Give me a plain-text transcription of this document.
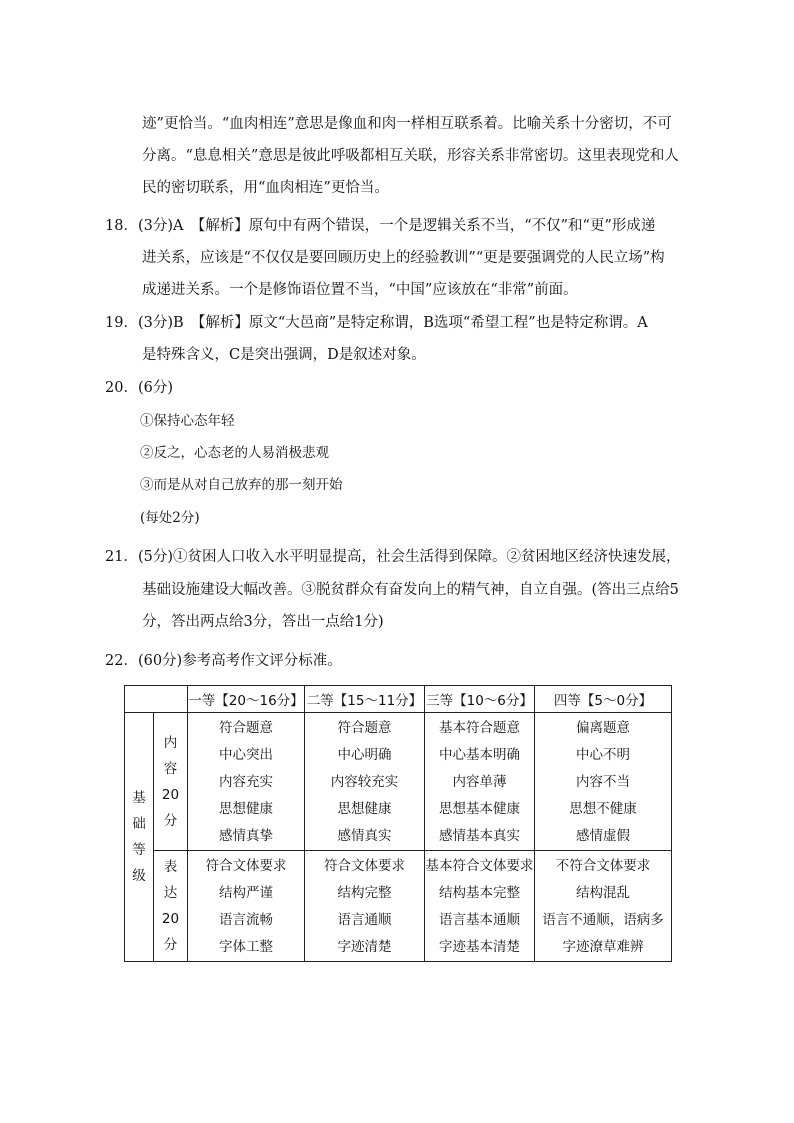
迹”更恰当。“血肉相连”意思是像血和肉一样相互联系着。比喻关系十分密切，不可
分离。“息息相关”意思是彼此呼吸都相互关联，形容关系非常密切。这里表现党和人
民的密切联系，用“血肉相连”更恰当。
18．(3分)A　【解析】原句中有两个错误，一个是逻辑关系不当，“不仅”和“更”形成递
进关系，应该是“不仅仅是要回顾历史上的经验教训”“更是要强调党的人民立场”构
成递进关系。一个是修饰语位置不当，“中国”应该放在“非常”前面。
19．(3分)B　【解析】原文“大邑商”是特定称谓，B选项“希望工程”也是特定称谓。A
是特殊含义，C是突出强调，D是叙述对象。
20．(6分)
①保持心态年轻
②反之，心态老的人易消极悲观
③而是从对自己放弃的那一刻开始
(每处2分)
21．(5分)①贫困人口收入水平明显提高，社会生活得到保障。②贫困地区经济快速发展，
基础设施建设大幅改善。③脱贫群众有奋发向上的精气神，自立自强。(答出三点给5
分，答出两点给3分，答出一点给1分)
22．(60分)参考高考作文评分标准。
		一等【20～16分】	二等【15～11分】	三等【10～6分】	四等【5～0分】

基
础
等
级	内
容
20
分	符合题意
中心突出
内容充实
思想健康
感情真挚	符合题意
中心明确
内容较充实
思想健康
感情真实	基本符合题意
中心基本明确
内容单薄
思想基本健康
感情基本真实	偏离题意
中心不明
内容不当
思想不健康
感情虚假

	表
达
20
分	符合文体要求
结构严谨
语言流畅
字体工整	符合文体要求
结构完整
语言通顺
字迹清楚	基本符合文体要求
结构基本完整
语言基本通顺
字迹基本清楚	不符合文体要求
结构混乱
语言不通顺，语病多
字迹潦草难辨
